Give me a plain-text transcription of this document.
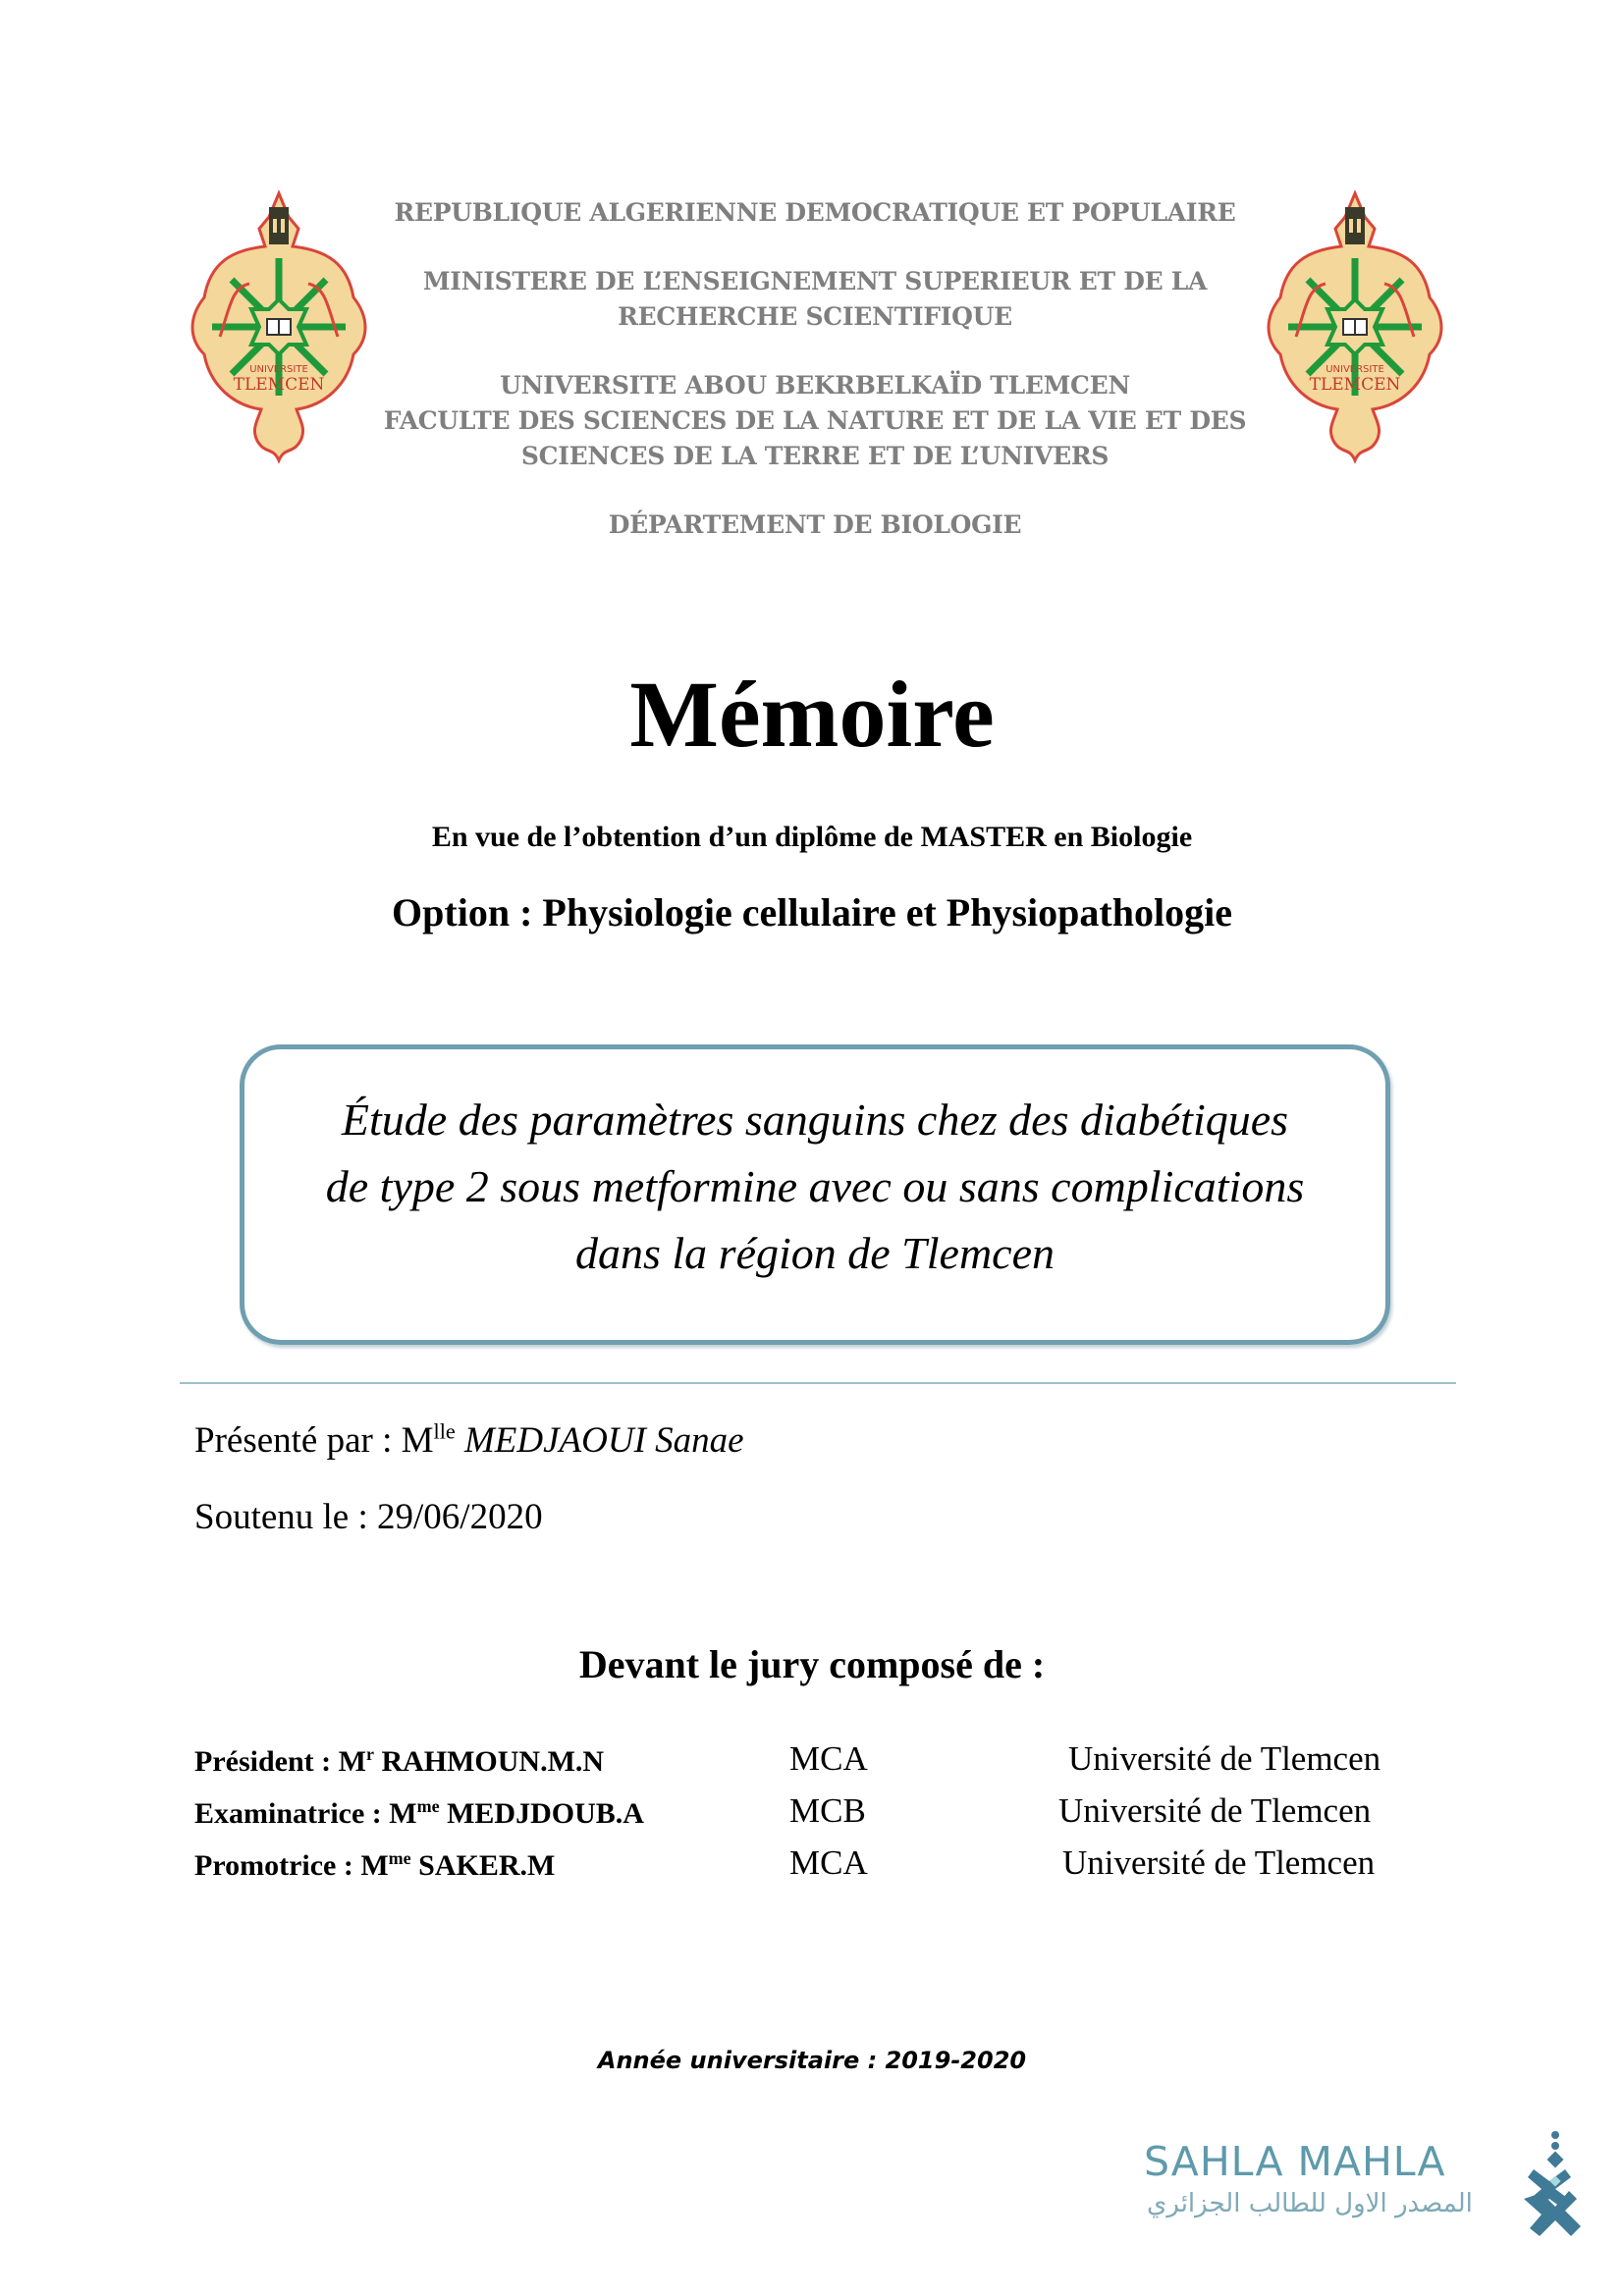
UNIVERSITE
TLEMCEN
UNIVERSITE
TLEMCEN
REPUBLIQUE ALGERIENNE DEMOCRATIQUE ET POPULAIRE
MINISTERE DE L’ENSEIGNEMENT SUPERIEUR ET DE LA
RECHERCHE SCIENTIFIQUE
UNIVERSITE ABOU BEKRBELKAÏD TLEMCEN
FACULTE DES SCIENCES DE LA NATURE ET DE LA VIE ET DES
SCIENCES DE LA TERRE ET DE L’UNIVERS
DÉPARTEMENT DE BIOLOGIE
Mémoire
En vue de l’obtention d’un diplôme de MASTER en Biologie
Option : Physiologie cellulaire et Physiopathologie
Étude des paramètres sanguins chez des diabétiques
de type 2 sous metformine avec ou sans complications
dans la région de Tlemcen
Présenté par : $M^{lle}$ MEDJAOUI Sanae
Soutenu le : 29/06/2020
Devant le jury composé de :
Président : $M^r$ RAHMOUN.M.N	MCA	Université de Tlemcen
Examinatrice : $M^{me}$ MEDJDOUB.A	MCB	Université de Tlemcen
Promotrice : $M^{me}$ SAKER.M	MCA	Université de Tlemcen
Année universitaire : 2019-2020
SAHLA MAHLA
المصدر الاول للطالب الجزائري
